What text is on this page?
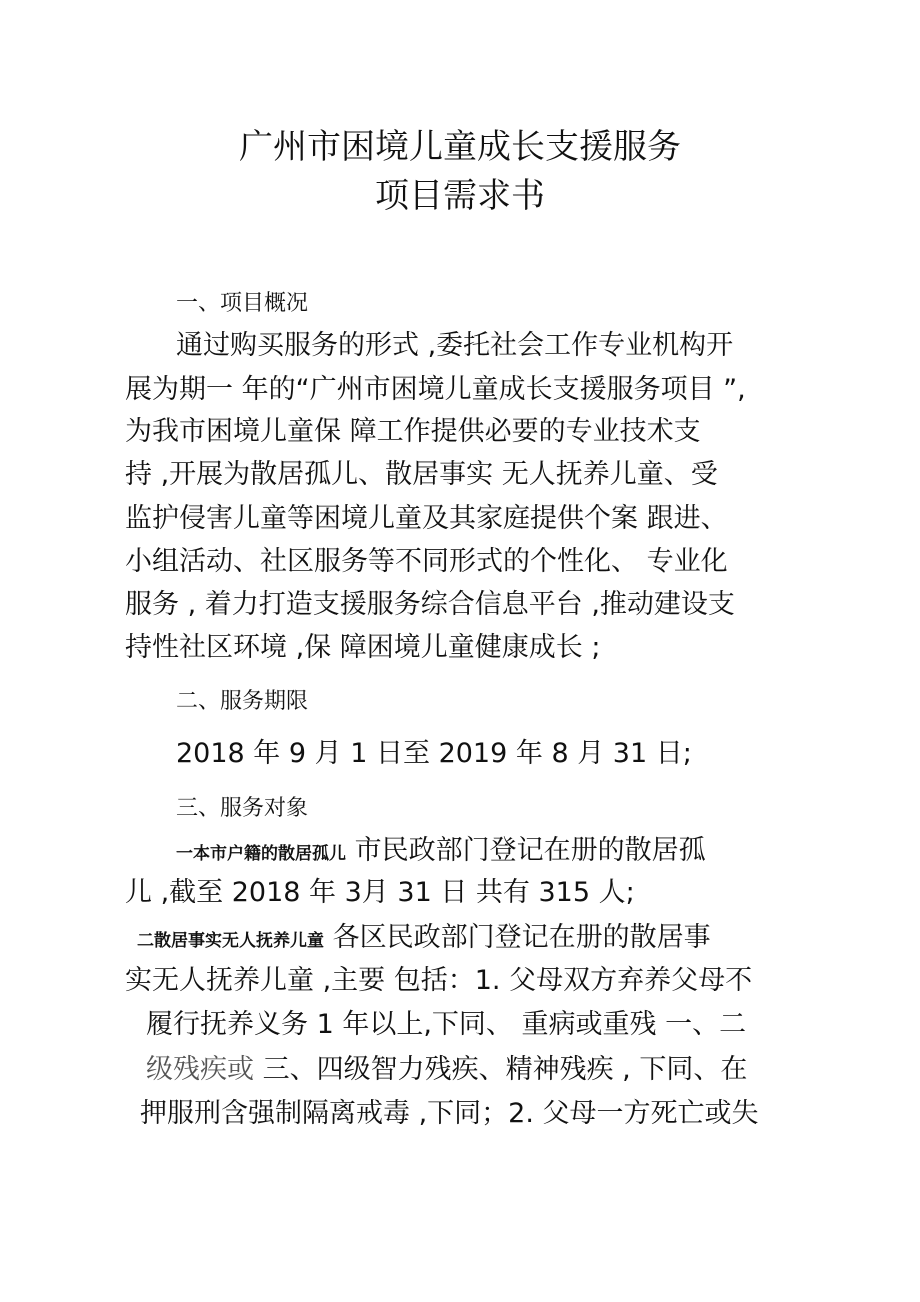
广州市困境儿童成长支援服务
项目需求书
一、项目概况
通过购买服务的形式 ,委托社会工作专业机构开
展为期一 年的“广州市困境儿童成长支援服务项目 ”,
为我市困境儿童保 障工作提供必要的专业技术支
持 ,开展为散居孤儿、散居事实 无人抚养儿童、受
监护侵害儿童等困境儿童及其家庭提供个案 跟进、
小组活动、社区服务等不同形式的个性化、 专业化
服务 , 着力打造支援服务综合信息平台 ,推动建设支
持性社区环境 ,保 障困境儿童健康成长 ;
二、服务期限
2018 年 9 月 1 日至 2019 年 8 月 31 日;
三、服务对象
一本市户籍的散居孤儿 市民政部门登记在册的散居孤
儿 ,截至 2018 年 3月 31 日 共有 315 人;
二散居事实无人抚养儿童 各区民政部门登记在册的散居事
实无人抚养儿童 ,主要 包括：1. 父母双方弃养父母不
履行抚养义务 1 年以上,下同、 重病或重残 一、二
级残疾或 三、四级智力残疾、精神残疾 , 下同、在
押服刑含强制隔离戒毒 ,下同；2. 父母一方死亡或失
